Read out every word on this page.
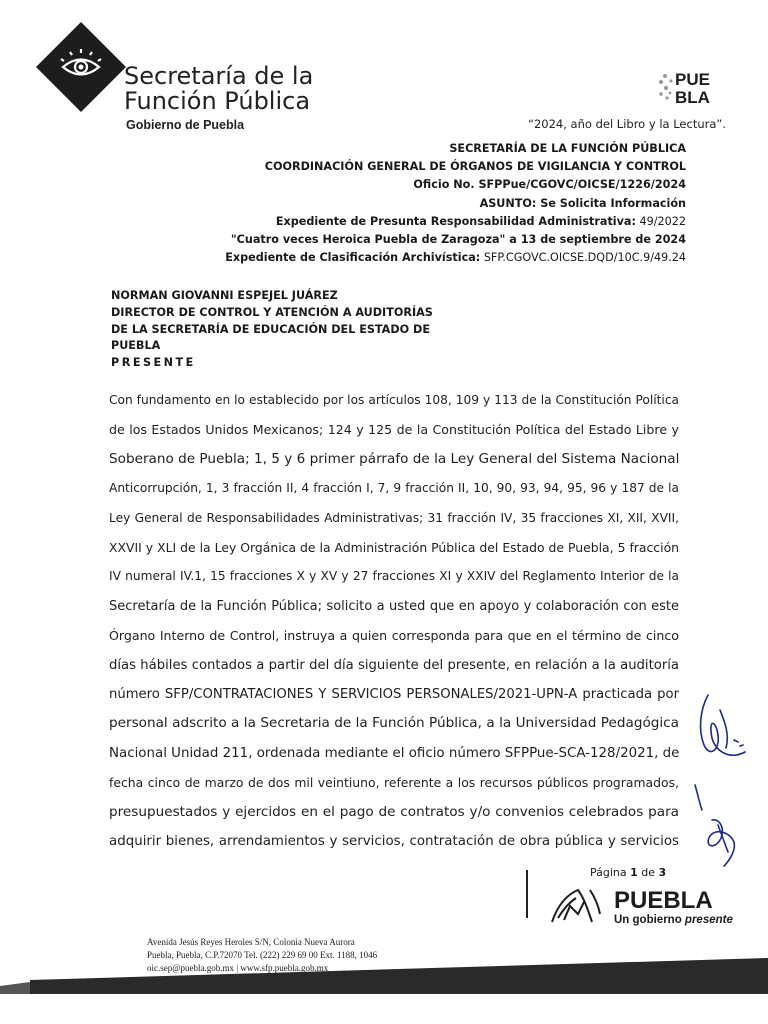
Secretaría de la
Función Pública
Gobierno de Puebla
PUE
BLA
“2024, año del Libro y la Lectura”.
SECRETARÍA DE LA FUNCIÓN PÚBLICA
COORDINACIÓN GENERAL DE ÓRGANOS DE VIGILANCIA Y CONTROL
Oficio No. SFPPue/CGOVC/OICSE/1226/2024
ASUNTO: Se Solicita Información
Expediente de Presunta Responsabilidad Administrativa: 49/2022
"Cuatro veces Heroica Puebla de Zaragoza" a 13 de septiembre de 2024
Expediente de Clasificación Archivística: SFP.CGOVC.OICSE.DQD/10C.9/49.24
NORMAN GIOVANNI ESPEJEL JUÁREZ
DIRECTOR DE CONTROL Y ATENCIÓN A AUDITORÍAS
DE LA SECRETARÍA DE EDUCACIÓN DEL ESTADO DE
PUEBLA
PRESENTE
Con fundamento en lo establecido por los artículos 108, 109 y 113 de la Constitución Política
de los Estados Unidos Mexicanos; 124 y 125 de la Constitución Política del Estado Libre y
Soberano de Puebla; 1, 5 y 6 primer párrafo de la Ley General del Sistema Nacional
Anticorrupción, 1, 3 fracción II, 4 fracción I, 7, 9 fracción II, 10, 90, 93, 94, 95, 96 y 187 de la
Ley General de Responsabilidades Administrativas; 31 fracción IV, 35 fracciones XI, XII, XVII,
XXVII y XLI de la Ley Orgánica de la Administración Pública del Estado de Puebla, 5 fracción
IV numeral IV.1, 15 fracciones X y XV y 27 fracciones XI y XXIV del Reglamento Interior de la
Secretaría de la Función Pública; solicito a usted que en apoyo y colaboración con este
Órgano Interno de Control, instruya a quien corresponda para que en el término de cinco
días hábiles contados a partir del día siguiente del presente, en relación a la auditoría
número SFP/CONTRATACIONES Y SERVICIOS PERSONALES/2021-UPN-A practicada por
personal adscrito a la Secretaria de la Función Pública, a la Universidad Pedagógica
Nacional Unidad 211, ordenada mediante el oficio número SFPPue-SCA-128/2021, de
fecha cinco de marzo de dos mil veintiuno, referente a los recursos públicos programados,
presupuestados y ejercidos en el pago de contratos y/o convenios celebrados para
adquirir bienes, arrendamientos y servicios, contratación de obra pública y servicios
Página 1 de 3
PUEBLA
Un gobierno presente
Avenida Jesús Reyes Heroles S/N, Colonia Nueva Aurora
Puebla, Puebla, C.P.72070 Tel. (222) 229 69 00 Ext. 1188, 1046
oic.sep@puebla.gob.mx | www.sfp.puebla.gob.mx
